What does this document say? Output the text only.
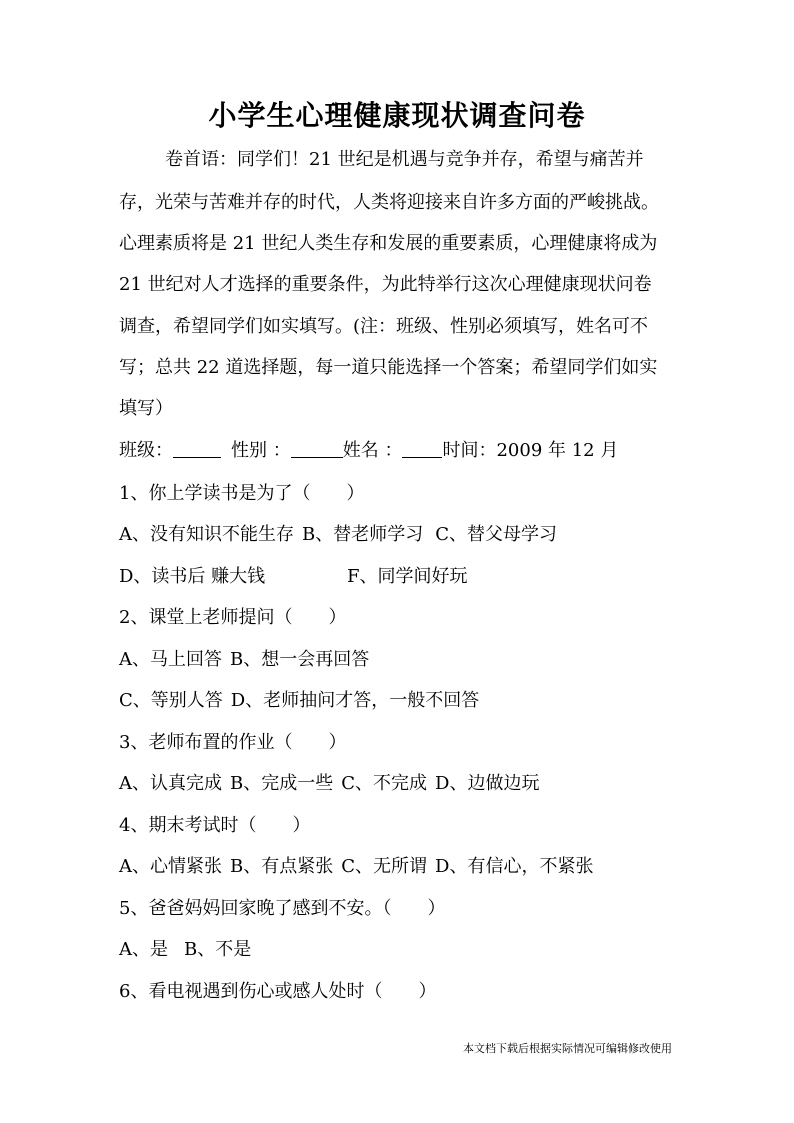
小学生心理健康现状调查问卷
卷首语：同学们！21 世纪是机遇与竞争并存，希望与痛苦并
存，光荣与苦难并存的时代，人类将迎接来自许多方面的严峻挑战。
心理素质将是 21 世纪人类生存和发展的重要素质，心理健康将成为
21 世纪对人才选择的重要条件，为此特举行这次心理健康现状问卷
调查，希望同学们如实填写。(注：班级、性别必须填写，姓名可不
写；总共 22 道选择题，每一道只能选择一个答案；希望同学们如实
填写）
班级：	性别 ：	姓名 ： 时间：2009 年 12 月
1、你上学读书是为了（　　）
A、没有知识不能生存 B、替老师学习 C、替父母学习
D、读书后 赚大钱	F、同学间好玩
2、课堂上老师提问（　　）
A、马上回答 B、想一会再回答
C、等别人答 D、老师抽问才答，一般不回答
3、老师布置的作业（　　）
A、认真完成 B、完成一些 C、不完成 D、边做边玩
4、期末考试时（　　）
A、心情紧张 B、有点紧张 C、无所谓 D、有信心，不紧张
5、爸爸妈妈回家晚了感到不安。（　　）
A、是 B、不是
6、看电视遇到伤心或感人处时（　　）
本文档下载后根据实际情况可编辑修改使用
